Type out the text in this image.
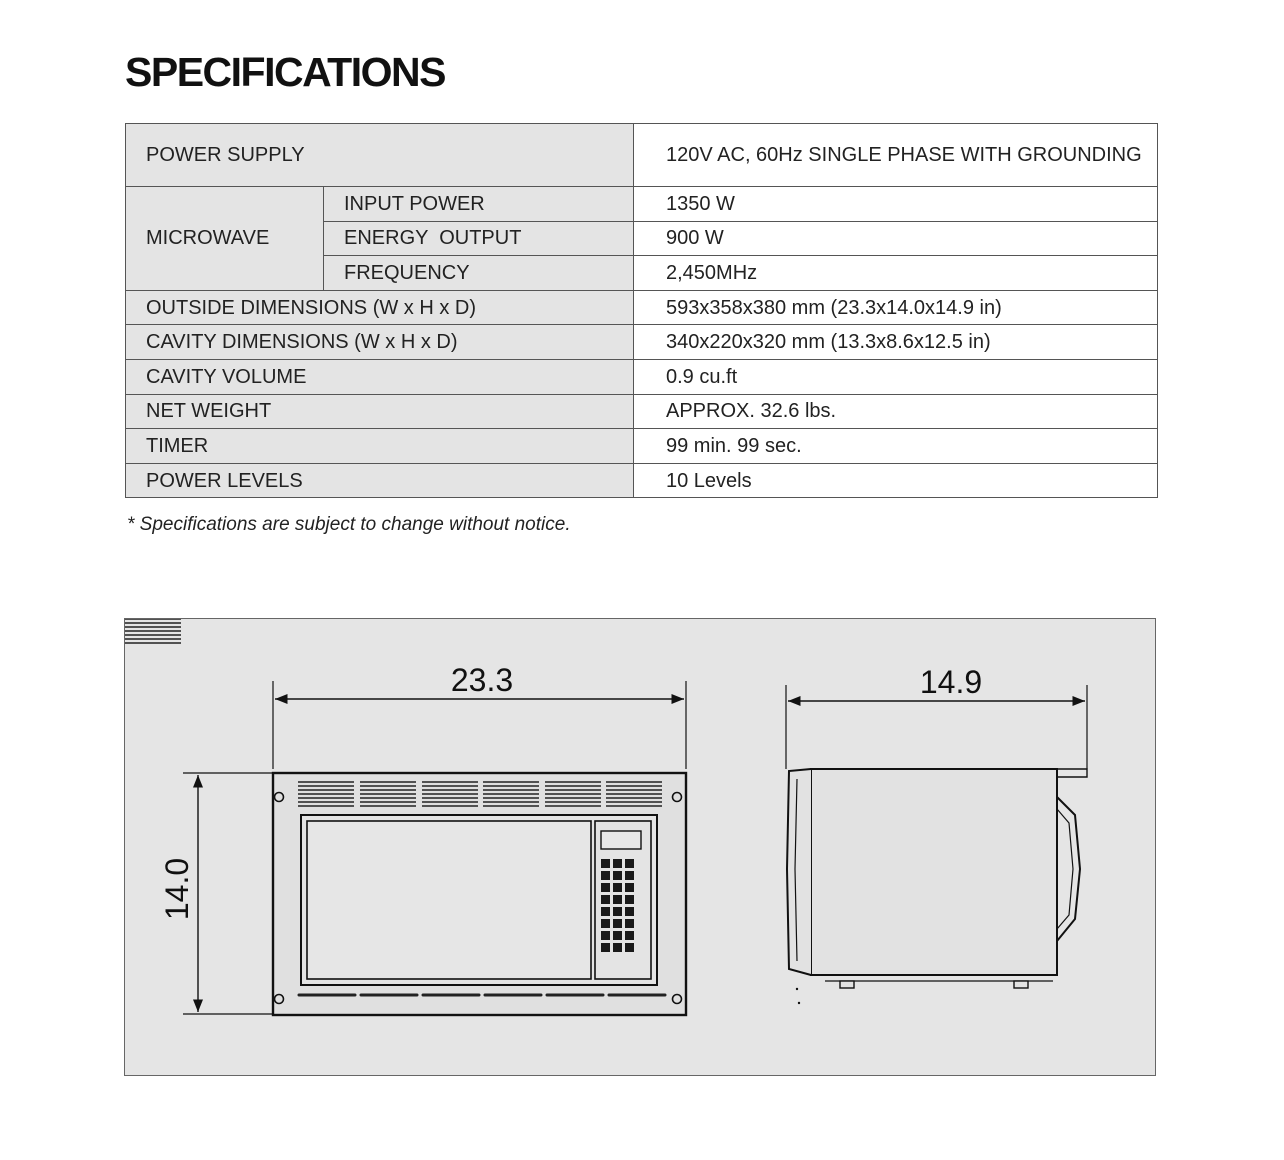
SPECIFICATIONS
POWER SUPPLY		120V AC, 60Hz SINGLE PHASE WITH GROUNDING
MICROWAVE	INPUT POWER	1350 W
	ENERGY  OUTPUT	900 W
	FREQUENCY	2,450MHz
OUTSIDE DIMENSIONS (W x H x D)		593x358x380 mm (23.3x14.0x14.9 in)
CAVITY DIMENSIONS (W x H x D)		340x220x320 mm (13.3x8.6x12.5 in)
CAVITY VOLUME		0.9 cu.ft
NET WEIGHT		APPROX. 32.6 lbs.
TIMER		99 min. 99 sec.
POWER LEVELS		10 Levels

* Specifications are subject to change without notice.

23.3
14.0
14.9
